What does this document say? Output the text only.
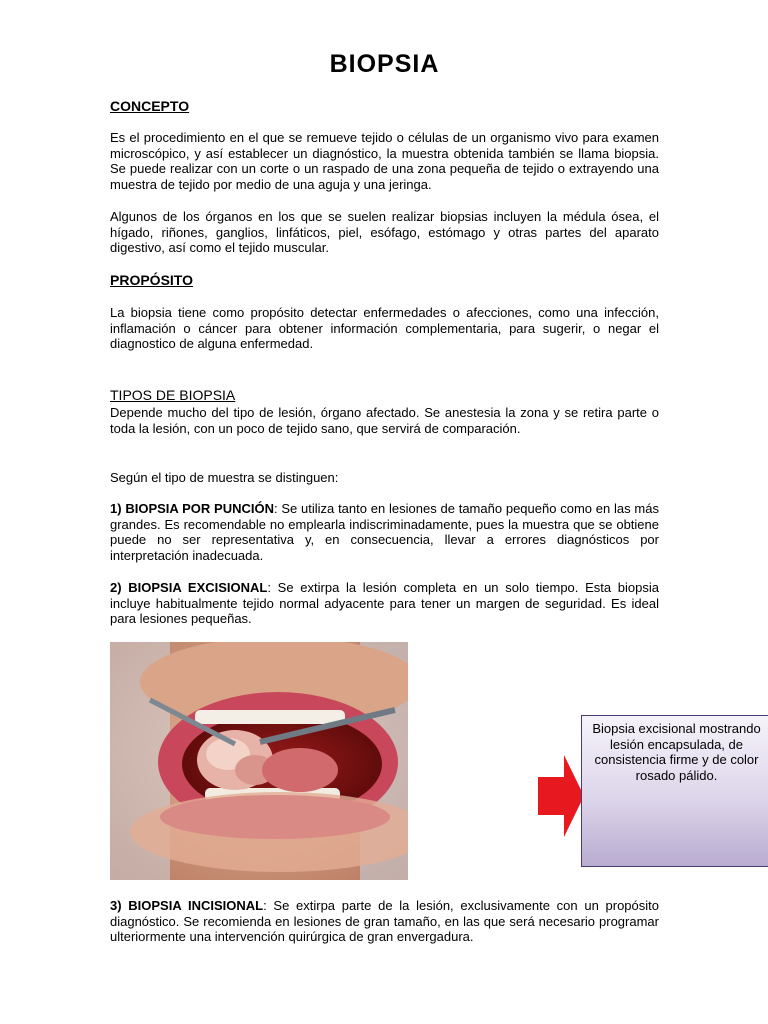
BIOPSIA
CONCEPTO

Es el procedimiento en el que se remueve tejido o células de un organismo vivo para examen microscópico, y así establecer un diagnóstico, la muestra obtenida también se llama biopsia. Se puede realizar con un corte o un raspado de una zona pequeña de tejido o extrayendo una muestra de tejido por medio de una aguja y una jeringa.

Algunos de los órganos en los que se suelen realizar biopsias incluyen la médula ósea, el hígado, riñones, ganglios, linfáticos, piel, esófago, estómago y otras partes del aparato digestivo, así como el tejido muscular.

PROPÓSITO

La biopsia tiene como propósito detectar enfermedades o afecciones, como una infección, inflamación o cáncer para obtener información complementaria, para sugerir, o negar el diagnostico de alguna enfermedad.

TIPOS DE BIOPSIA

Depende mucho del tipo de lesión, órgano afectado. Se anestesia la zona y se retira parte o toda la lesión, con un poco de tejido sano, que servirá de comparación.

Según el tipo de muestra se distinguen:

1) BIOPSIA POR PUNCIÓN: Se utiliza tanto en lesiones de tamaño pequeño como en las más grandes. Es recomendable no emplearla indiscriminadamente, pues la muestra que se obtiene puede no ser representativa y, en consecuencia, llevar a errores diagnósticos por interpretación inadecuada.

2) BIOPSIA EXCISIONAL: Se extirpa la lesión completa en un solo tiempo. Esta biopsia incluye habitualmente tejido normal adyacente para tener un margen de seguridad. Es ideal para lesiones pequeñas.

Biopsia excisional mostrando lesión encapsulada, de consistencia firme y de color rosado pálido.

3) BIOPSIA INCISIONAL: Se extirpa parte de la lesión, exclusivamente con un propósito diagnóstico. Se recomienda en lesiones de gran tamaño, en las que será necesario programar ulteriormente una intervención quirúrgica de gran envergadura.
